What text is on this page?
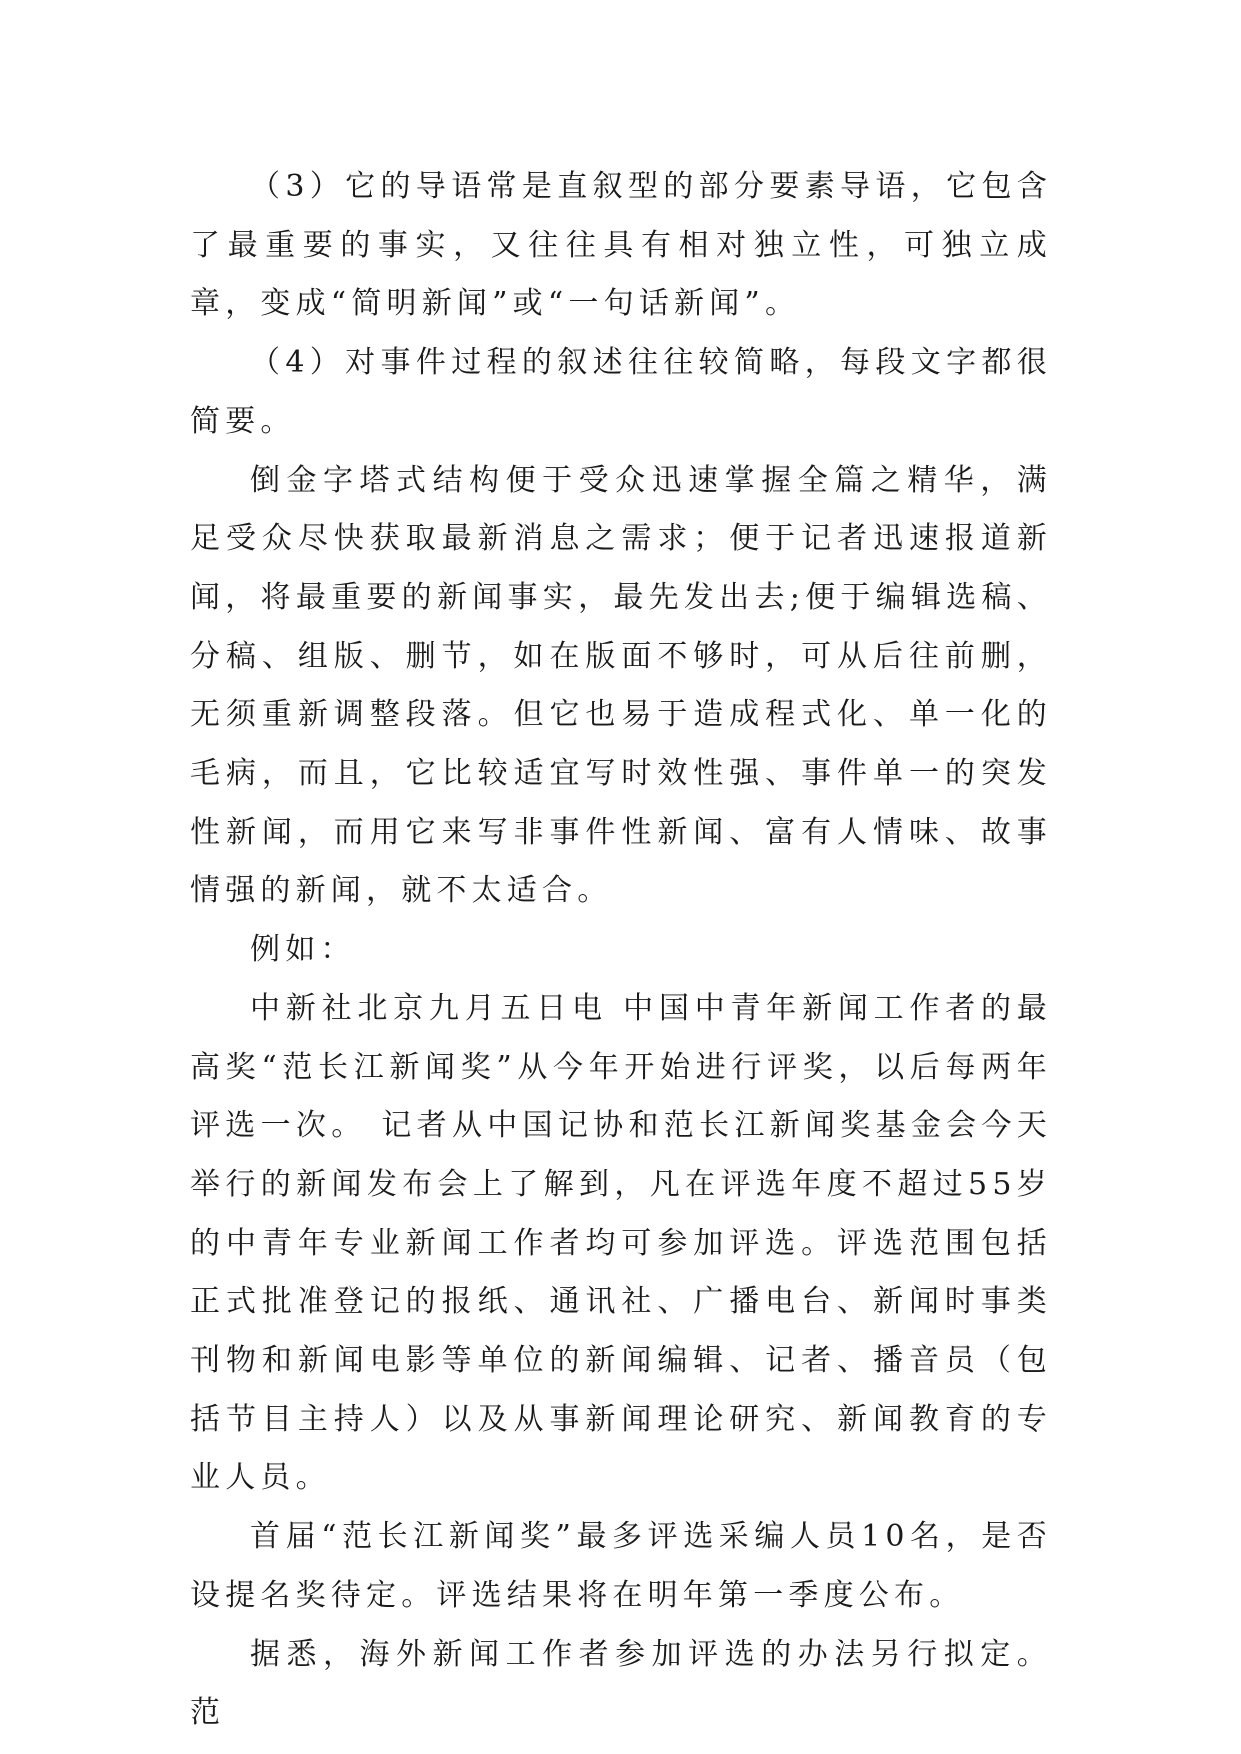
（3）它的导语常是直叙型的部分要素导语，它包含了最重要的事实，又往往具有相对独立性，可独立成章，变成“简明新闻”或“一句话新闻”。

（4）对事件过程的叙述往往较简略，每段文字都很简要。

倒金字塔式结构便于受众迅速掌握全篇之精华，满足受众尽快获取最新消息之需求；便于记者迅速报道新闻，将最重要的新闻事实，最先发出去;便于编辑选稿、分稿、组版、删节，如在版面不够时，可从后往前删，无须重新调整段落。但它也易于造成程式化、单一化的毛病，而且，它比较适宜写时效性强、事件单一的突发性新闻，而用它来写非事件性新闻、富有人情味、故事情强的新闻，就不太适合。

例如：

中新社北京九月五日电 中国中青年新闻工作者的最高奖“范长江新闻奖”从今年开始进行评奖，以后每两年评选一次。 记者从中国记协和范长江新闻奖基金会今天举行的新闻发布会上了解到，凡在评选年度不超过55岁的中青年专业新闻工作者均可参加评选。评选范围包括正式批准登记的报纸、通讯社、广播电台、新闻时事类刊物和新闻电影等单位的新闻编辑、记者、播音员（包括节目主持人）以及从事新闻理论研究、新闻教育的专业人员。

首届“范长江新闻奖”最多评选采编人员10名，是否设提名奖待定。评选结果将在明年第一季度公布。

据悉，海外新闻工作者参加评选的办法另行拟定。 范
